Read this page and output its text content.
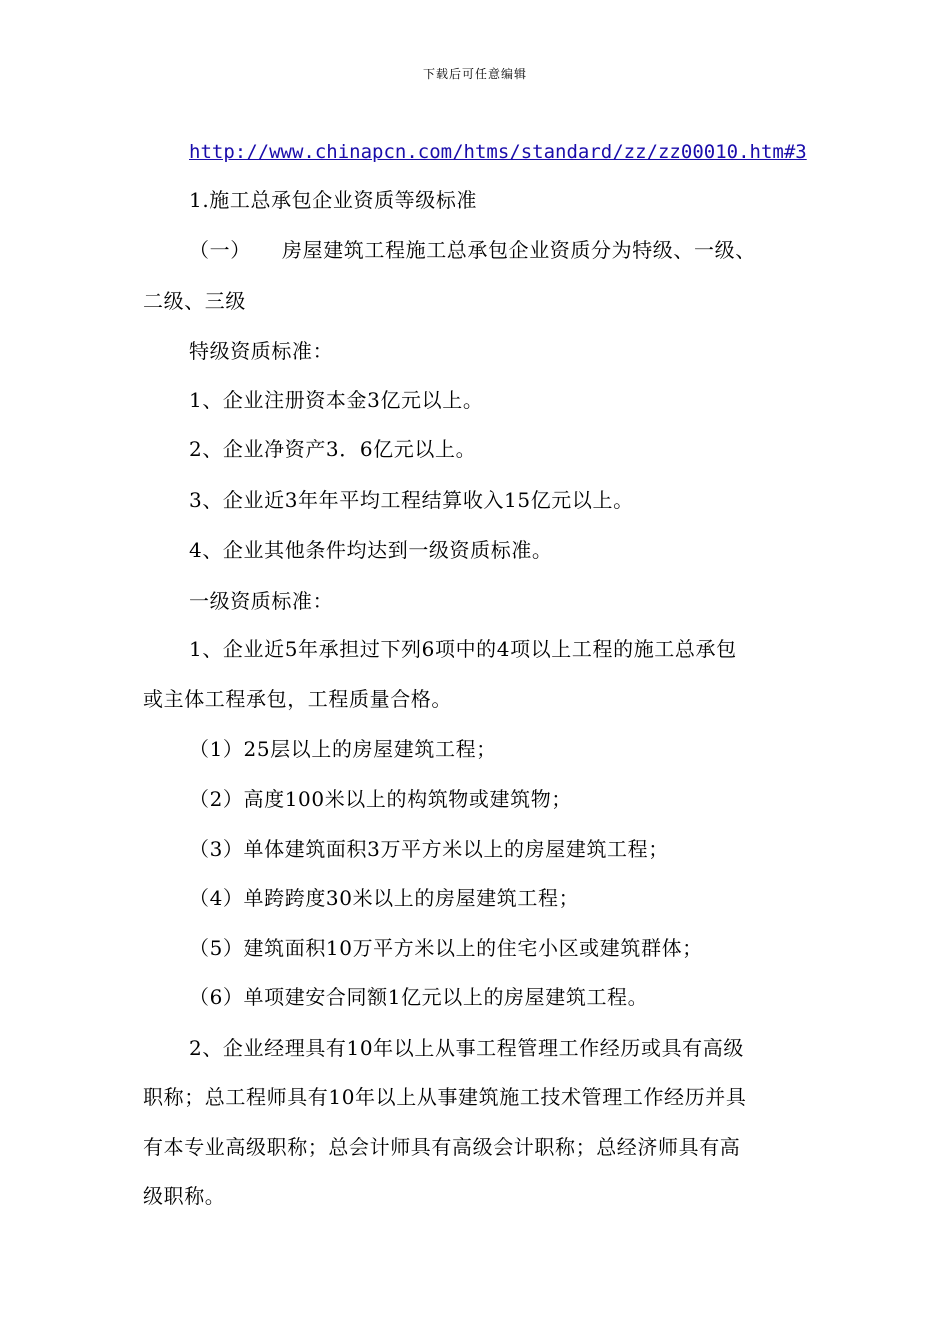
下载后可任意编辑
http://www.chinapcn.com/htms/standard/zz/zz00010.htm#3
1.施工总承包企业资质等级标准
（一）　　房屋建筑工程施工总承包企业资质分为特级、一级、
二级、三级
特级资质标准：
1、企业注册资本金3亿元以上。
2、企业净资产3．6亿元以上。
3、企业近3年年平均工程结算收入15亿元以上。
4、企业其他条件均达到一级资质标准。
一级资质标准：
1、企业近5年承担过下列6项中的4项以上工程的施工总承包
或主体工程承包，工程质量合格。
（1）25层以上的房屋建筑工程；
（2）高度100米以上的构筑物或建筑物；
（3）单体建筑面积3万平方米以上的房屋建筑工程；
（4）单跨跨度30米以上的房屋建筑工程；
（5）建筑面积10万平方米以上的住宅小区或建筑群体；
（6）单项建安合同额1亿元以上的房屋建筑工程。
2、企业经理具有10年以上从事工程管理工作经历或具有高级
职称；总工程师具有10年以上从事建筑施工技术管理工作经历并具
有本专业高级职称；总会计师具有高级会计职称；总经济师具有高
级职称。
